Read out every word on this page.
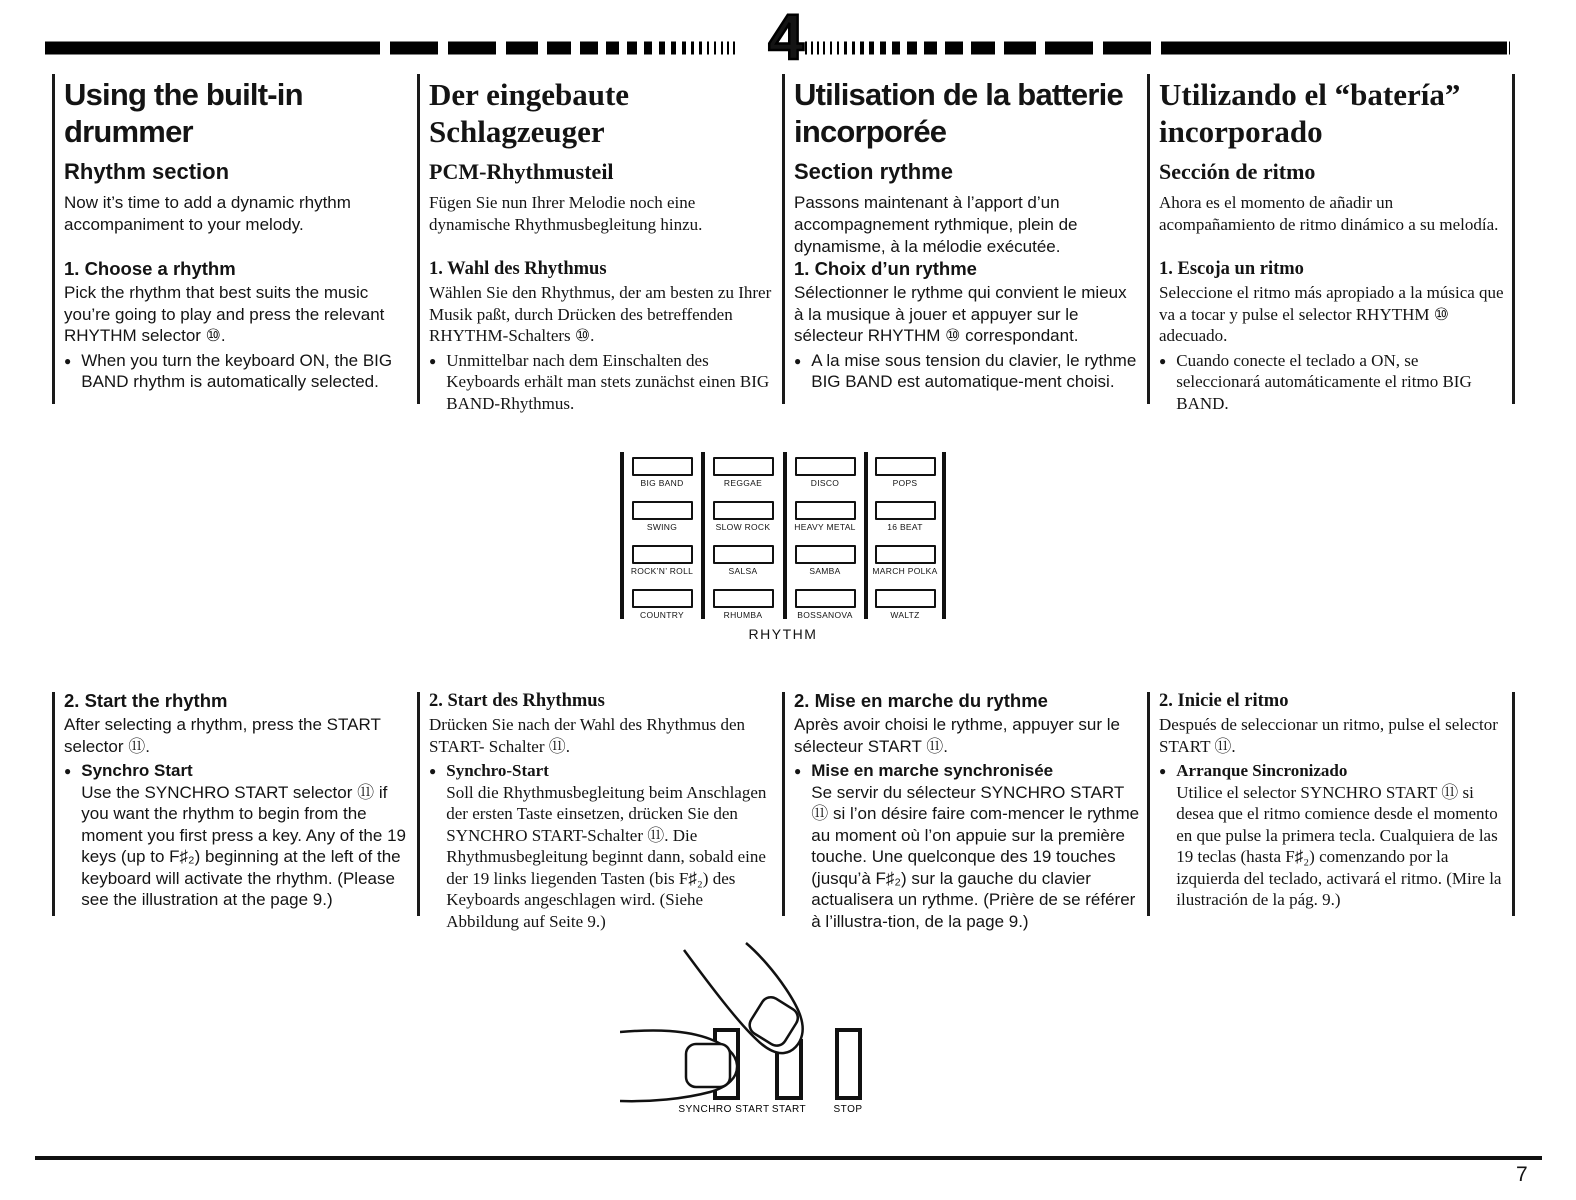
4
Using the built-in drummer
Rhythm section

Now it’s time to add a dynamic rhythm accompaniment to your melody.

1. Choose a rhythm

Pick the rhythm that best suits the music you’re going to play and press the relevant RHYTHM selector ⑩.

● When you turn the keyboard ON, the BIG BAND rhythm is automatically selected.
Der eingebaute Schlagzeuger
PCM-Rhythmusteil

Fügen Sie nun Ihrer Melodie noch eine dynamische Rhythmusbegleitung hinzu.

1. Wahl des Rhythmus

Wählen Sie den Rhythmus, der am besten zu Ihrer Musik paßt, durch Drücken des betreffenden RHYTHM-Schalters ⑩.

● Unmittelbar nach dem Einschalten des Keyboards erhält man stets zunächst einen BIG BAND-Rhythmus.
Utilisation de la batterie incorporée
Section rythme

Passons maintenant à l’apport d’un accompagnement rythmique, plein de dynamisme, à la mélodie exécutée.

1. Choix d’un rythme

Sélectionner le rythme qui convient le mieux à la musique à jouer et appuyer sur le sélecteur RHYTHM ⑩ correspondant.

● A la mise sous tension du clavier, le rythme BIG BAND est automatique-ment choisi.
Utilizando el “batería” incorporado
Sección de ritmo

Ahora es el momento de añadir un acompañamiento de ritmo dinámico a su melodía.

1. Escoja un ritmo

Seleccione el ritmo más apropiado a la música que va a tocar y pulse el selector RHYTHM ⑩ adecuado.

● Cuando conecte el teclado a ON, se seleccionará automáticamente el ritmo BIG BAND.
BIG BAND
SWING
ROCK’N’ ROLL
COUNTRY
REGGAE
SLOW ROCK
SALSA
RHUMBA
DISCO
HEAVY METAL
SAMBA
BOSSANOVA
POPS
16 BEAT
MARCH POLKA
WALTZ
RHYTHM
2. Start the rhythm

After selecting a rhythm, press the START selector ⑪.

● Synchro Start
Use the SYNCHRO START selector ⑪ if you want the rhythm to begin from the moment you first press a key. Any of the 19 keys (up to F♯₂) beginning at the left of the keyboard will activate the rhythm. (Please see the illustration at the page 9.)
2. Start des Rhythmus

Drücken Sie nach der Wahl des Rhythmus den START- Schalter ⑪.

● Synchro-Start
Soll die Rhythmusbegleitung beim Anschlagen der ersten Taste einsetzen, drücken Sie den SYNCHRO START-Schalter ⑪. Die Rhythmusbegleitung beginnt dann, sobald eine der 19 links liegenden Tasten (bis F♯₂) des Keyboards angeschlagen wird. (Siehe Abbildung auf Seite 9.)
2. Mise en marche du rythme

Après avoir choisi le rythme, appuyer sur le sélecteur START ⑪.

● Mise en marche synchronisée
Se servir du sélecteur SYNCHRO START ⑪ si l’on désire faire com-mencer le rythme au moment où l’on appuie sur la première touche. Une quelconque des 19 touches (jusqu’à F♯₂) sur la gauche du clavier actualisera un rythme. (Prière de se référer à l’illustra-tion, de la page 9.)
2. Inicie el ritmo

Después de seleccionar un ritmo, pulse el selector START ⑪.

● Arranque Sincronizado
Utilice el selector SYNCHRO START ⑪ si desea que el ritmo comience desde el momento en que pulse la primera tecla. Cualquiera de las 19 teclas (hasta F♯₂) comenzando por la izquierda del teclado, activará el ritmo. (Mire la ilustración de la pág. 9.)
SYNCHRO START START	STOP
7
